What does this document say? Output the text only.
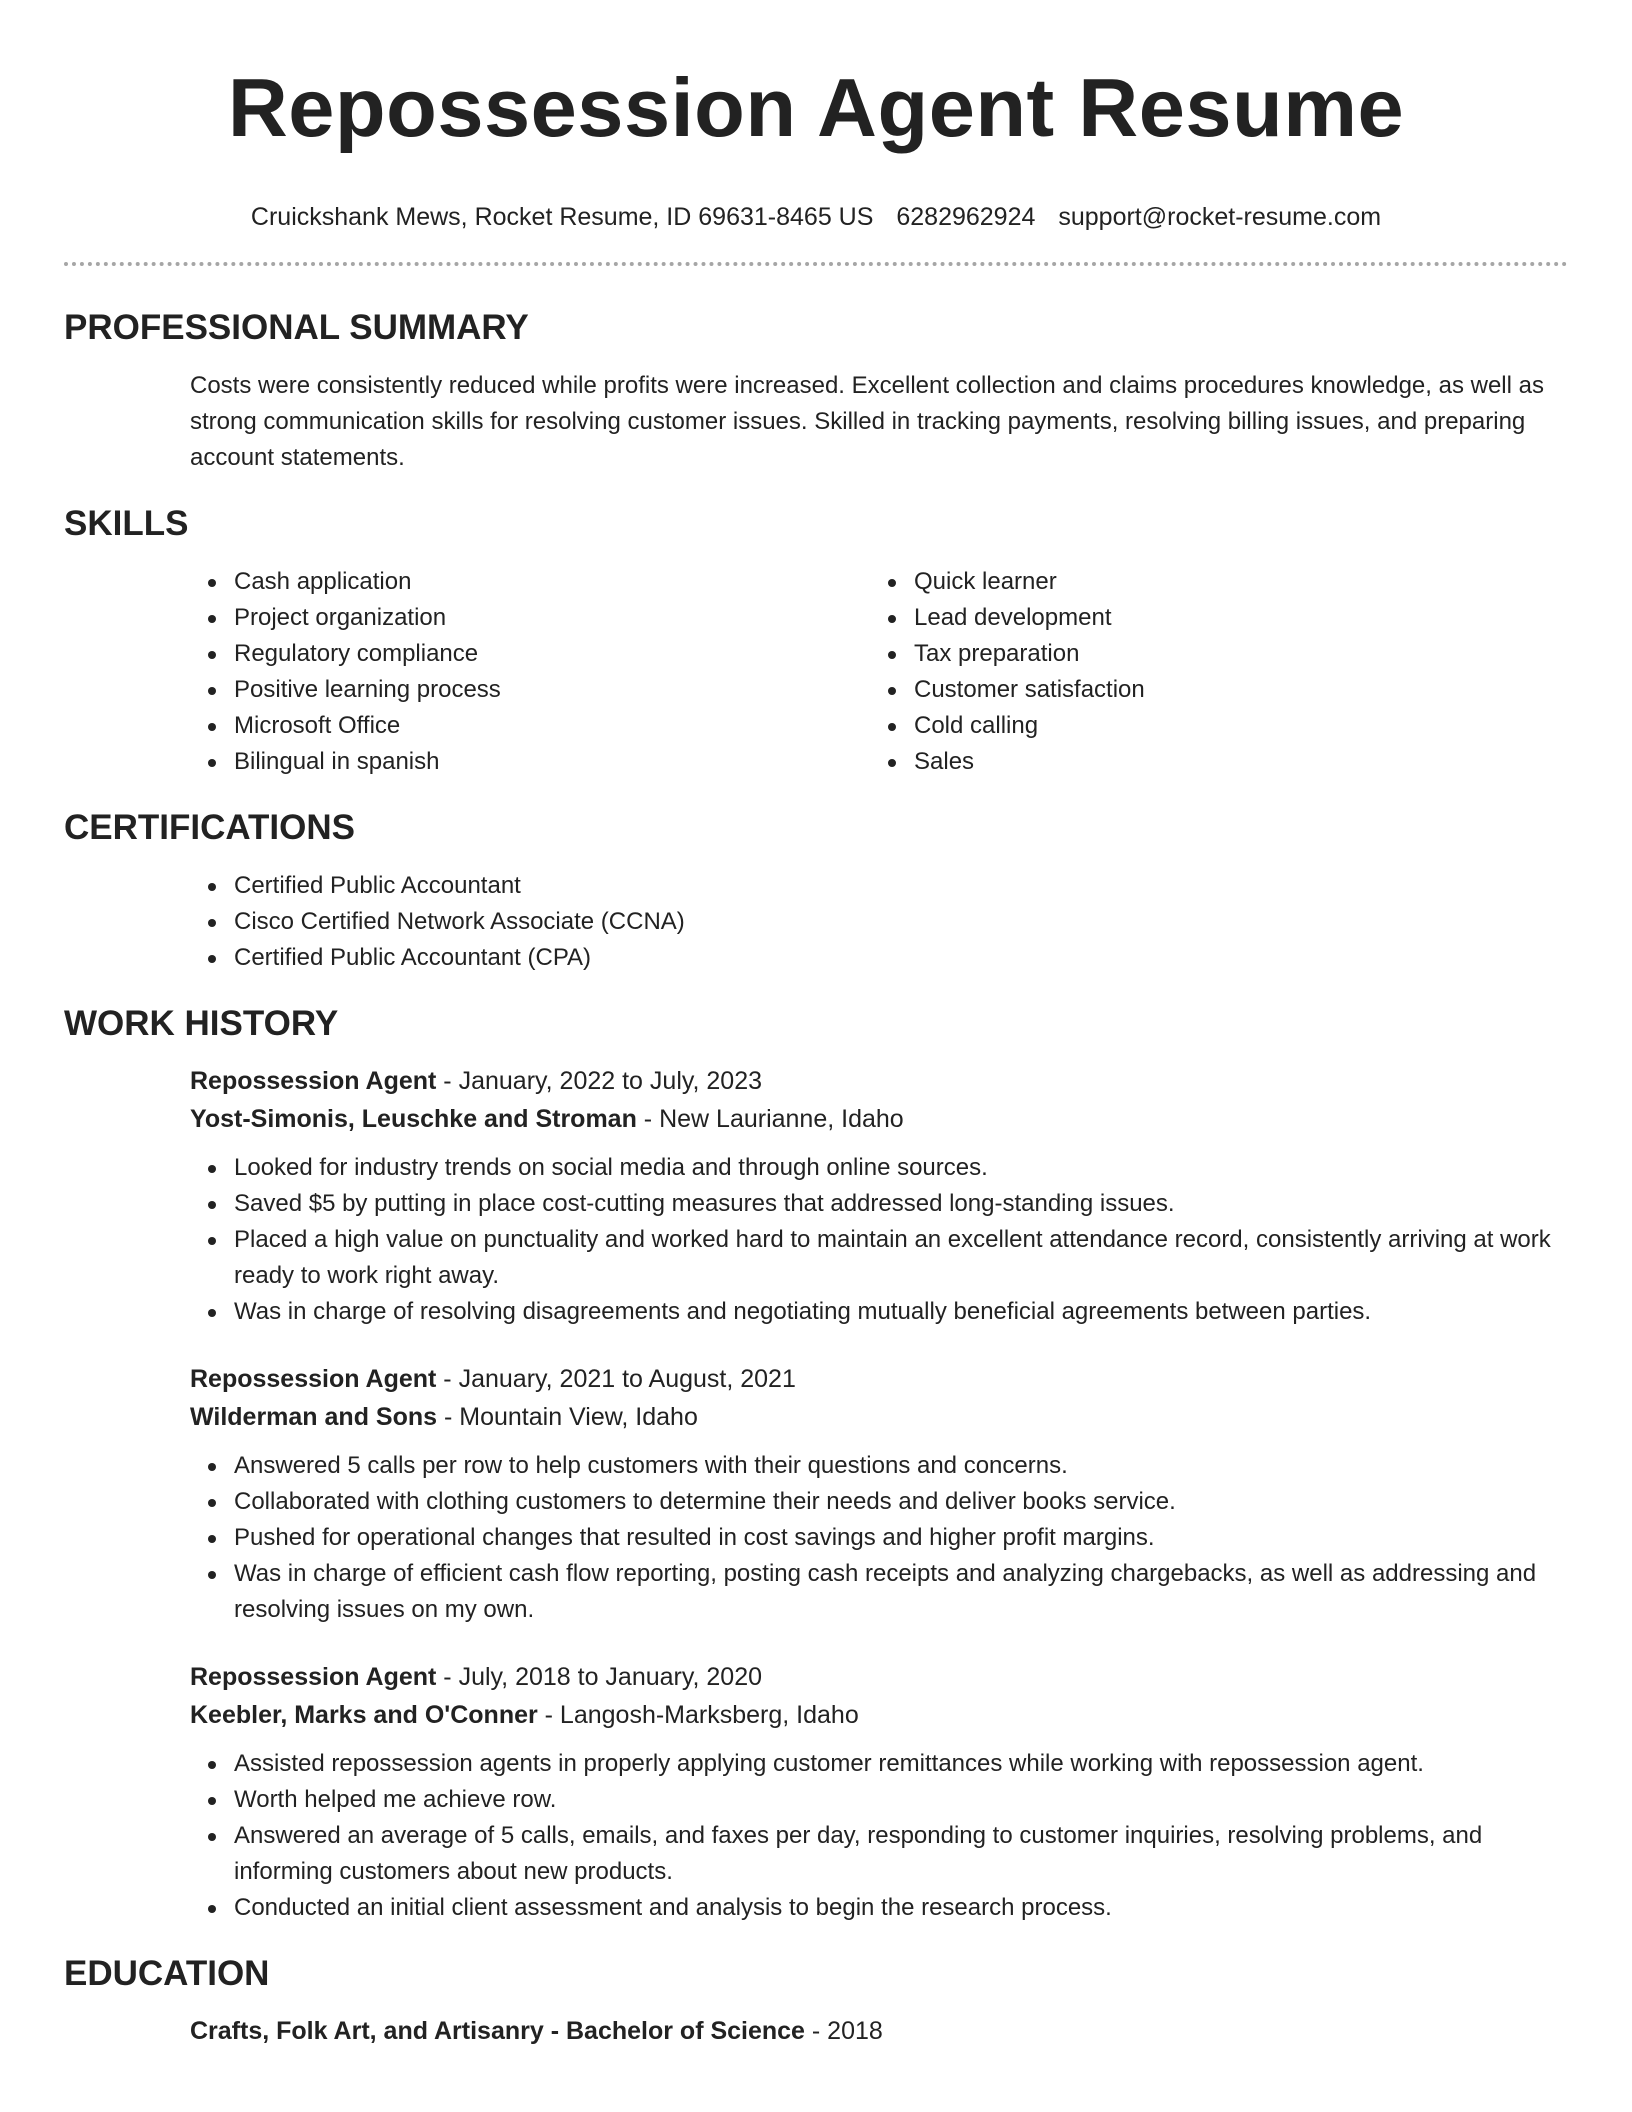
Repossession Agent Resume
Cruickshank Mews, Rocket Resume, ID 69631-8465 US 6282962924 support@rocket-resume.com
PROFESSIONAL SUMMARY

Costs were consistently reduced while profits were increased. Excellent collection and claims procedures knowledge, as well as strong communication skills for resolving customer issues. Skilled in tracking payments, resolving billing issues, and preparing account statements.

SKILLS
Cash application
Project organization
Regulatory compliance
Positive learning process
Microsoft Office
Bilingual in spanish
Quick learner
Lead development
Tax preparation
Customer satisfaction
Cold calling
Sales
CERTIFICATIONS
Certified Public Accountant
Cisco Certified Network Associate (CCNA)
Certified Public Accountant (CPA)
WORK HISTORY
Repossession Agent - January, 2022 to July, 2023
Yost-Simonis, Leuschke and Stroman - New Laurianne, Idaho
Looked for industry trends on social media and through online sources.
Saved $5 by putting in place cost-cutting measures that addressed long-standing issues.
Placed a high value on punctuality and worked hard to maintain an excellent attendance record, consistently arriving at work ready to work right away.
Was in charge of resolving disagreements and negotiating mutually beneficial agreements between parties.
Repossession Agent - January, 2021 to August, 2021
Wilderman and Sons - Mountain View, Idaho
Answered 5 calls per row to help customers with their questions and concerns.
Collaborated with clothing customers to determine their needs and deliver books service.
Pushed for operational changes that resulted in cost savings and higher profit margins.
Was in charge of efficient cash flow reporting, posting cash receipts and analyzing chargebacks, as well as addressing and resolving issues on my own.
Repossession Agent - July, 2018 to January, 2020
Keebler, Marks and O'Conner - Langosh-Marksberg, Idaho
Assisted repossession agents in properly applying customer remittances while working with repossession agent.
Worth helped me achieve row.
Answered an average of 5 calls, emails, and faxes per day, responding to customer inquiries, resolving problems, and informing customers about new products.
Conducted an initial client assessment and analysis to begin the research process.
EDUCATION
Crafts, Folk Art, and Artisanry - Bachelor of Science - 2018
